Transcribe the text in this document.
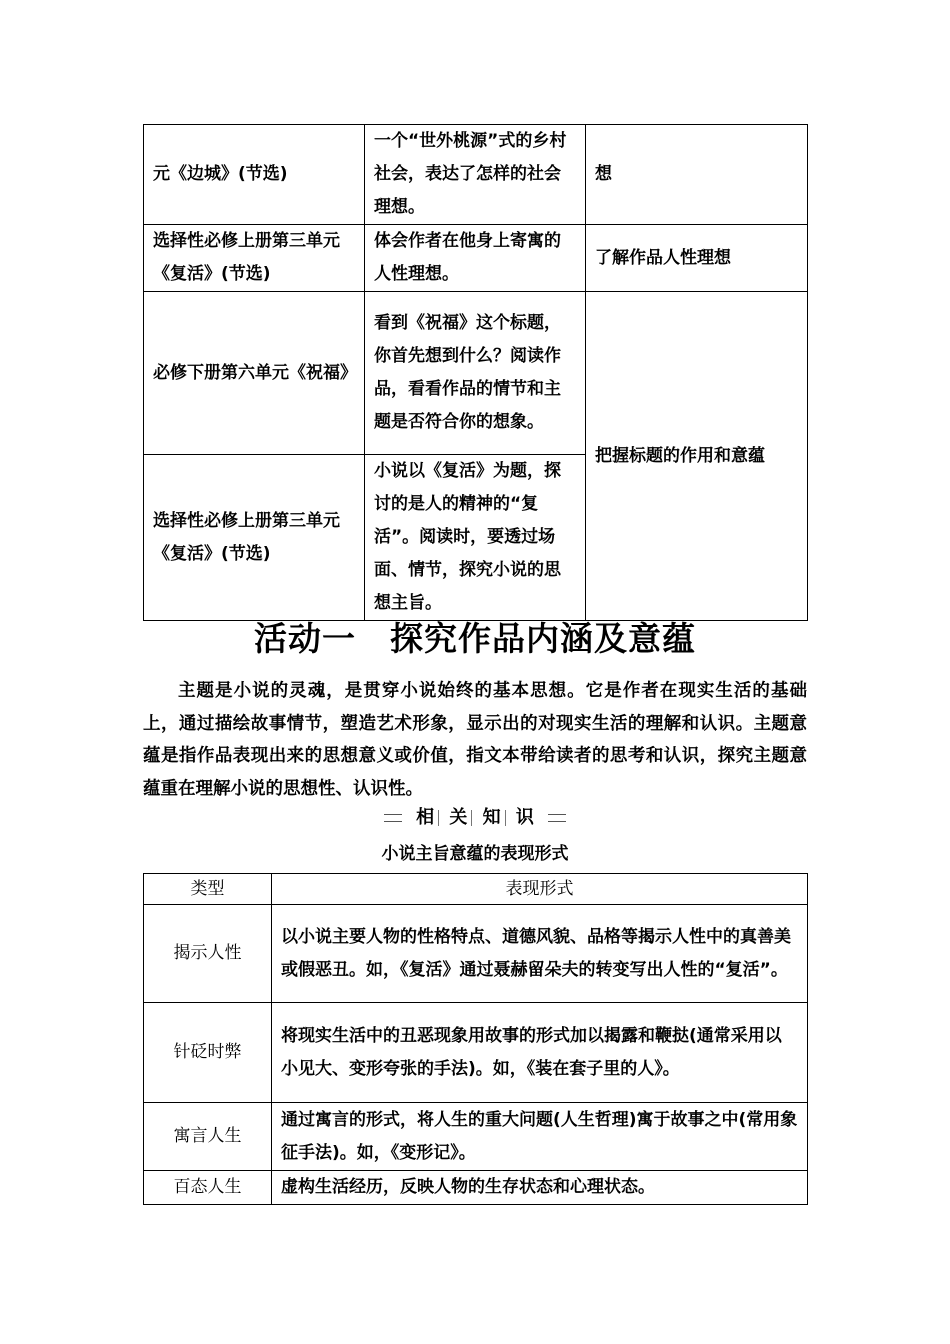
元《边城》(节选)	一个“世外桃源”式的乡村社会，表达了怎样的社会理想。	想
选择性必修上册第三单元《复活》(节选)	体会作者在他身上寄寓的人性理想。	了解作品人性理想
必修下册第六单元《祝福》	看到《祝福》这个标题，你首先想到什么？阅读作品，看看作品的情节和主题是否符合你的想象。	把握标题的作用和意蕴
选择性必修上册第三单元《复活》(节选)	小说以《复活》为题，探讨的是人的精神的“复活”。阅读时，要透过场面、情节，探究小说的思想主旨。	
活动一　探究作品内涵及意蕴
主题是小说的灵魂，是贯穿小说始终的基本思想。它是作者在现实生活的基础上，通过描绘故事情节，塑造艺术形象，显示出的对现实生活的理解和认识。主题意蕴是指作品表现出来的思想意义或价值，指文本带给读者的思考和认识，探究主题意蕴重在理解小说的思想性、认识性。
相 关 知 识
小说主旨意蕴的表现形式
类型	表现形式
揭示人性	以小说主要人物的性格特点、道德风貌、品格等揭示人性中的真善美或假恶丑。如，《复活》通过聂赫留朵夫的转变写出人性的“复活”。
针砭时弊	将现实生活中的丑恶现象用故事的形式加以揭露和鞭挞(通常采用以小见大、变形夸张的手法)。如，《装在套子里的人》。
寓言人生	通过寓言的形式，将人生的重大问题(人生哲理)寓于故事之中(常用象征手法)。如，《变形记》。
百态人生	虚构生活经历，反映人物的生存状态和心理状态。
